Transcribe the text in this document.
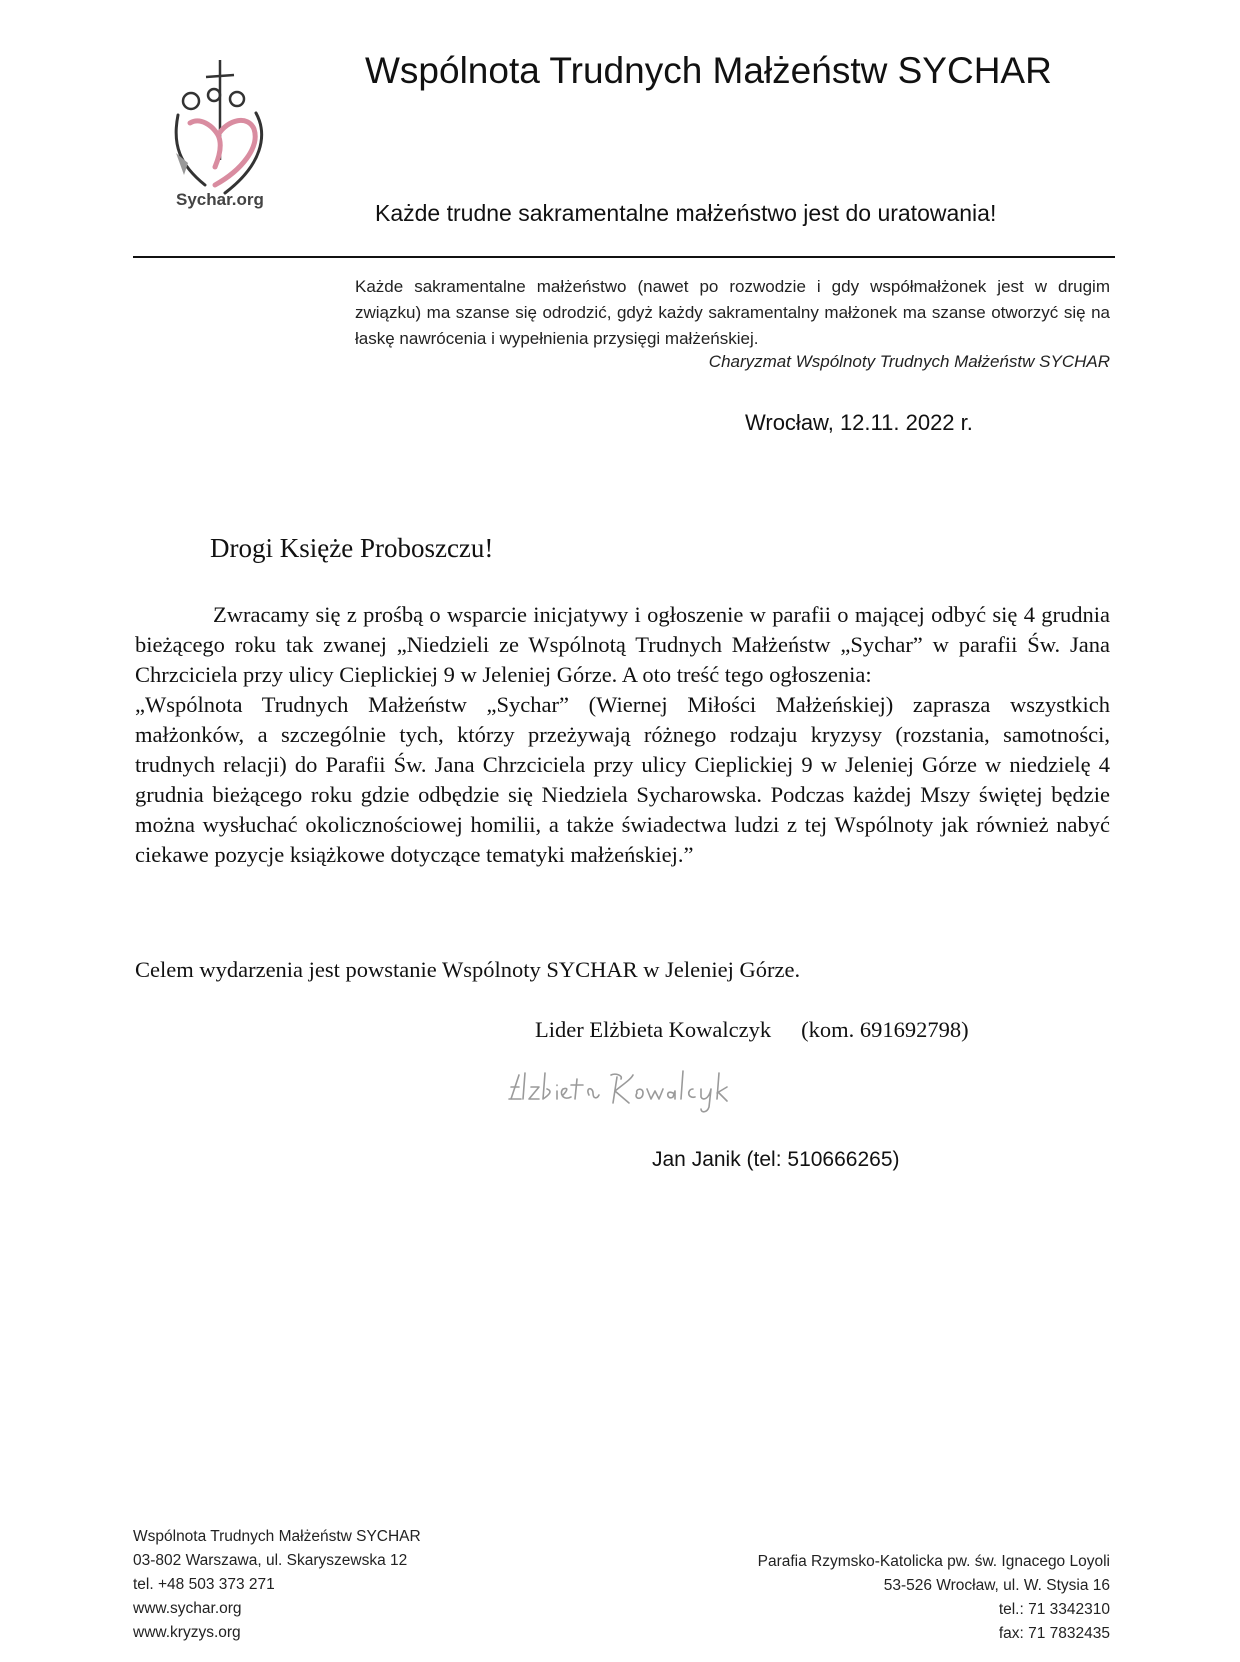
Sychar.org
Wspólnota Trudnych Małżeństw SYCHAR
Każde trudne sakramentalne małżeństwo jest do uratowania!
Każde sakramentalne małżeństwo (nawet po rozwodzie i gdy współmałżonek jest w drugim związku) ma szanse się odrodzić, gdyż każdy sakramentalny małżonek ma szanse otworzyć się na łaskę nawrócenia i wypełnienia przysięgi małżeńskiej.
Charyzmat Wspólnoty Trudnych Małżeństw SYCHAR
Wrocław, 12.11. 2022 r.
Drogi Księże Proboszczu!

Zwracamy się z prośbą o wsparcie inicjatywy i ogłoszenie w parafii o mającej odbyć się 4 grudnia bieżącego roku tak zwanej „Niedzieli ze Wspólnotą Trudnych Małżeństw „Sychar” w parafii Św. Jana Chrzciciela przy ulicy Cieplickiej 9 w Jeleniej Górze. A oto treść tego ogłoszenia:

„Wspólnota Trudnych Małżeństw „Sychar” (Wiernej Miłości Małżeńskiej) zaprasza wszystkich małżonków, a szczególnie tych, którzy przeżywają różnego rodzaju kryzysy (rozstania, samotności, trudnych relacji) do Parafii Św. Jana Chrzciciela przy ulicy Cieplickiej 9 w Jeleniej Górze w niedzielę 4 grudnia bieżącego roku gdzie odbędzie się Niedziela Sycharowska. Podczas każdej Mszy świętej będzie można wysłuchać okolicznościowej homilii, a także świadectwa ludzi z tej Wspólnoty jak również nabyć ciekawe pozycje książkowe dotyczące tematyki małżeńskiej.”

Celem wydarzenia jest powstanie Wspólnoty SYCHAR w Jeleniej Górze.
Lider Elżbieta Kowalczyk (kom. 691692798)
Jan Janik (tel: 510666265)
Wspólnota Trudnych Małżeństw SYCHAR
03-802 Warszawa, ul. Skaryszewska 12
tel. +48 503 373 271
www.sychar.org
www.kryzys.org
Parafia Rzymsko-Katolicka pw. św. Ignacego Loyoli
53-526 Wrocław, ul. W. Stysia 16
tel.: 71 3342310
fax: 71 7832435
